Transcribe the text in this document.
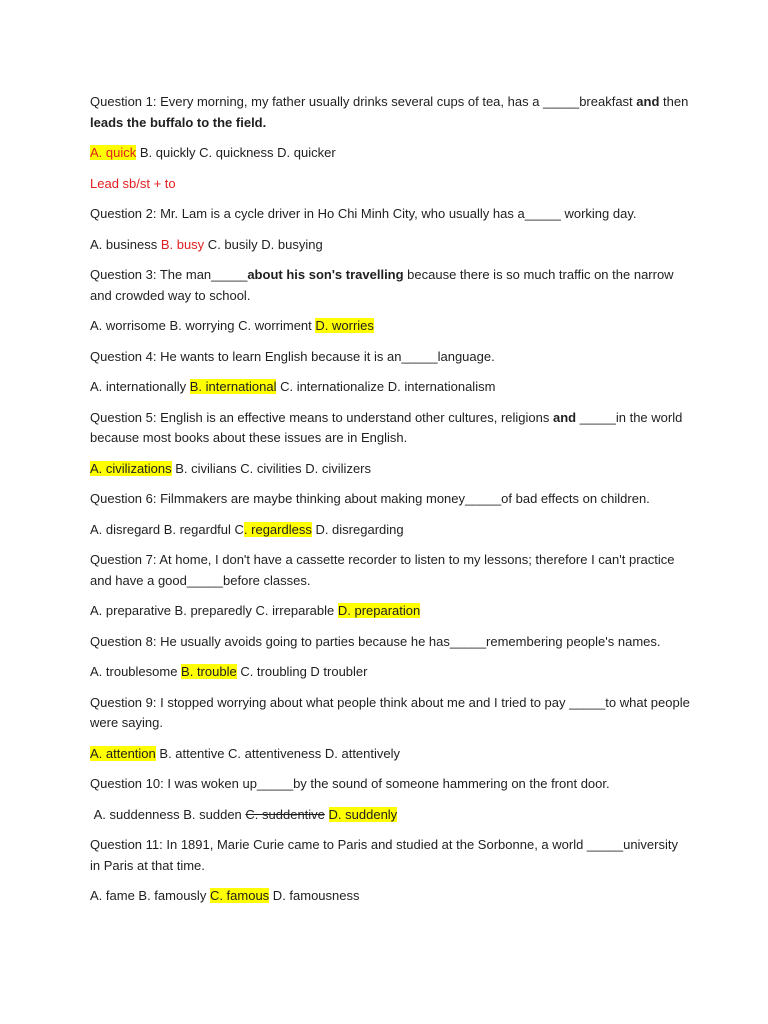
Question 1: Every morning, my father usually drinks several cups of tea, has a _____breakfast and then leads the buffalo to the field.

A. quick B. quickly C. quickness D. quicker

Lead sb/st + to

Question 2: Mr. Lam is a cycle driver in Ho Chi Minh City, who usually has a_____ working day.

A. business B. busy C. busily D. busying

Question 3: The man_____about his son's travelling because there is so much traffic on the narrow and crowded way to school.

A. worrisome B. worrying C. worriment D. worries

Question 4: He wants to learn English because it is an_____language.

A. internationally B. international C. internationalize D. internationalism

Question 5: English is an effective means to understand other cultures, religions and _____in the world because most books about these issues are in English.

A. civilizations B. civilians C. civilities D. civilizers

Question 6: Filmmakers are maybe thinking about making money_____of bad effects on children.

A. disregard B. regardful C. regardless D. disregarding

Question 7: At home, I don't have a cassette recorder to listen to my lessons; therefore I can't practice and have a good_____before classes.

A. preparative B. preparedly C. irreparable D. preparation

Question 8: He usually avoids going to parties because he has_____remembering people's names.

A. troublesome B. trouble C. troubling D troubler

Question 9: I stopped worrying about what people think about me and I tried to pay _____to what people were saying.

A. attention B. attentive C. attentiveness D. attentively

Question 10: I was woken up_____by the sound of someone hammering on the front door.

A. suddenness B. sudden C. suddentive D. suddenly

Question 11: In 1891, Marie Curie came to Paris and studied at the Sorbonne, a world _____university in Paris at that time.

A. fame B. famously C. famous D. famousness
